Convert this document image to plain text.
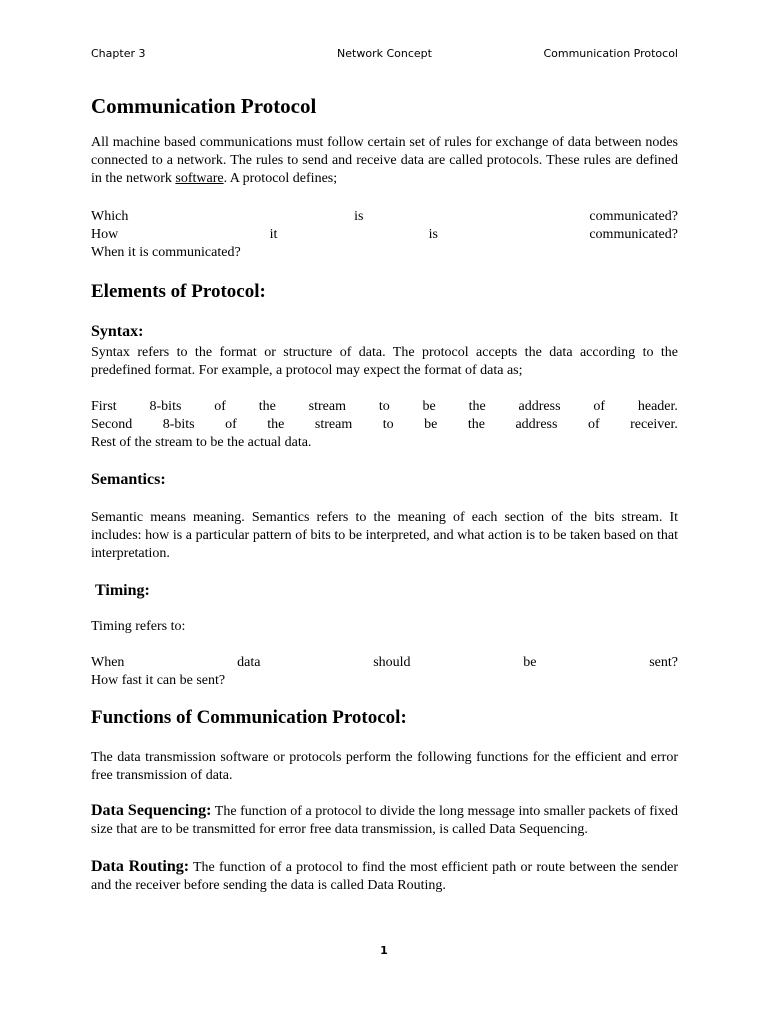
Chapter 3	Network Concept	Communication Protocol
Communication Protocol

All machine based communications must follow certain set of rules for exchange of data between nodes connected to a network. The rules to send and receive data are called protocols. These rules are defined in the network software. A protocol defines;

Which	is	communicated?
How	it	is	communicated?
When it is communicated?
Elements of Protocol:
Syntax:

Syntax refers to the format or structure of data. The protocol accepts the data according to the predefined format. For example, a protocol may expect the format of data as;

First 8-bits of the stream to be the address of header.
Second 8-bits of the stream to be the address of receiver.
Rest of the stream to be the actual data.
Semantics:

Semantic means meaning. Semantics refers to the meaning of each section of the bits stream. It includes: how is a particular pattern of bits to be interpreted, and what action is to be taken based on that interpretation.

Timing:

Timing refers to:

When	data	should	be	sent?
How fast it can be sent?
Functions of Communication Protocol:

The data transmission software or protocols perform the following functions for the efficient and error free transmission of data.

Data Sequencing: The function of a protocol to divide the long message into smaller packets of fixed size that are to be transmitted for error free data transmission, is called Data Sequencing.

Data Routing: The function of a protocol to find the most efficient path or route between the sender and the receiver before sending the data is called Data Routing.

1
